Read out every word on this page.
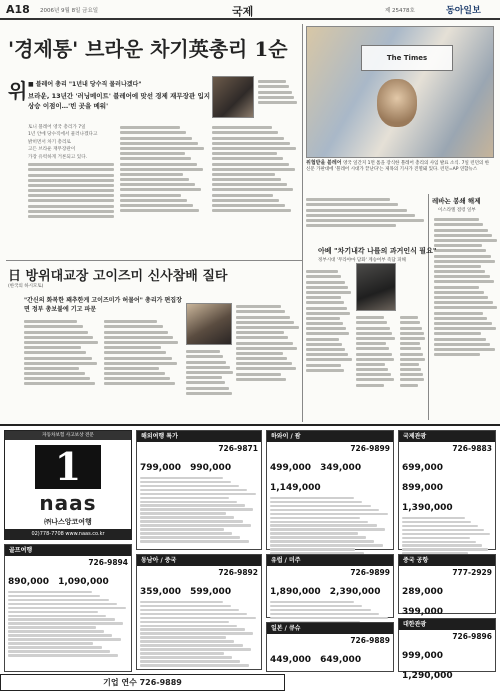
A18 2006년 9월 8일 금요일	국제	제 25478호	동아일보
'경제통' 브라운 차기英총리 1순위 ■ 블레어 총리 "1년내 당수직 물러나겠다"
브라운, 13년간 '러닝메이트' 블레어에 맞선 경제 재무장관 입지 상승 이점이…'빈 곳을 메워'
토니 블레어 영국 총리가 7일
1년 안에 당수직에서 물러나겠다고
밝히면서 차기 총리로
고든 브라운 재무장관이
가장 유력하게 거론되고 있다.
The Times
위협받을 블레어 영국 일간지 1면 톱을 장식한 블레어 총리의 사임 발표 소식. 7일 런던의 한 신문 가판대에 '블레어 시대가 끝난다'는 제목의 기사가 진열돼 있다. 런던=AP 연합뉴스
레바논 봉쇄 해제
이스라엘 점령 일부
아베 "차기내각 나를의 과거인식 필요"
정부시대 '무라야마 담화' 계승여부 즉답 피해
日 방위대교장 고이즈미 신사참배 질타
(한국의 하시모토)
"간신의 화복한 꽤추한게 고이즈미가 허물어" 총리가 편집장면 정부 총보불에 기고 파문
자동차보험 사고보상 전문
1
naas
㈜나스앙코여행
02)778-7708 www.naas.co.kr
골프여행
726-9894
890,000 1,090,000
해외여행 특가
726-9871
799,000 990,000
하와이 / 괌
726-9899
499,000 349,000 1,149,000
국제관광
726-9883
699,000 899,000 1,390,000
동남아 / 중국
726-9892
359,000 599,000
유럽 / 미주
726-9899
1,890,000 2,390,000
일본 / 큐슈
726-9889
449,000 649,000
중국 공항
777-2929
289,000 399,000
대한관광
726-9896
999,000 1,290,000
기업 연수 726-9889
